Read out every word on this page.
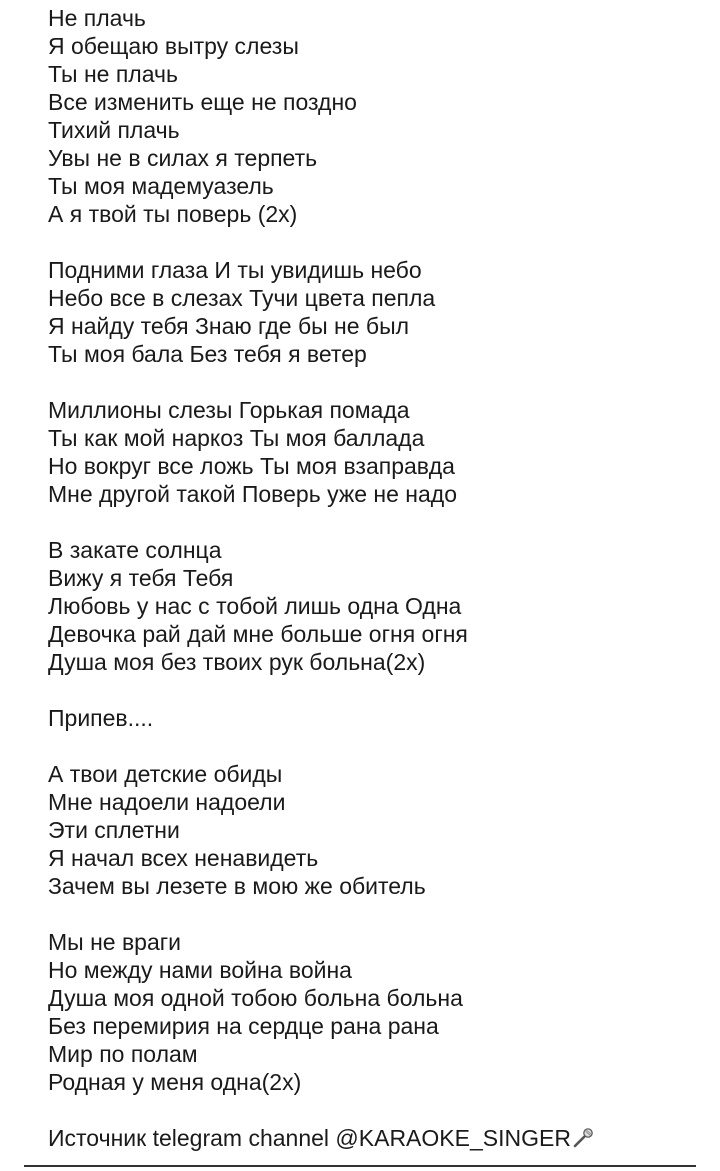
Не плачь
Я обещаю вытру слезы
Ты не плачь
Все изменить еще не поздно
Тихий плачь
Увы не в силах я терпеть
Ты моя мадемуазель
А я твой ты поверь (2x)
Подними глаза И ты увидишь небо
Небо все в слезах Тучи цвета пепла
Я найду тебя Знаю где бы не был
Ты моя бала Без тебя я ветер
Миллионы слезы Горькая помада
Ты как мой наркоз Ты моя баллада
Но вокруг все ложь Ты моя взаправда
Мне другой такой Поверь уже не надо
В закате солнца
Вижу я тебя Тебя
Любовь у нас с тобой лишь одна Одна
Девочка рай дай мне больше огня огня
Душа моя без твоих рук больна(2x)
Припев....
А твои детские обиды
Мне надоели надоели
Эти сплетни
Я начал всех ненавидеть
Зачем вы лезете в мою же обитель
Мы не враги
Но между нами война война
Душа моя одной тобою больна больна
Без перемирия на сердце рана рана
Мир по полам
Родная у меня одна(2x)
Источник telegram channel @KARAOKE_SINGER
